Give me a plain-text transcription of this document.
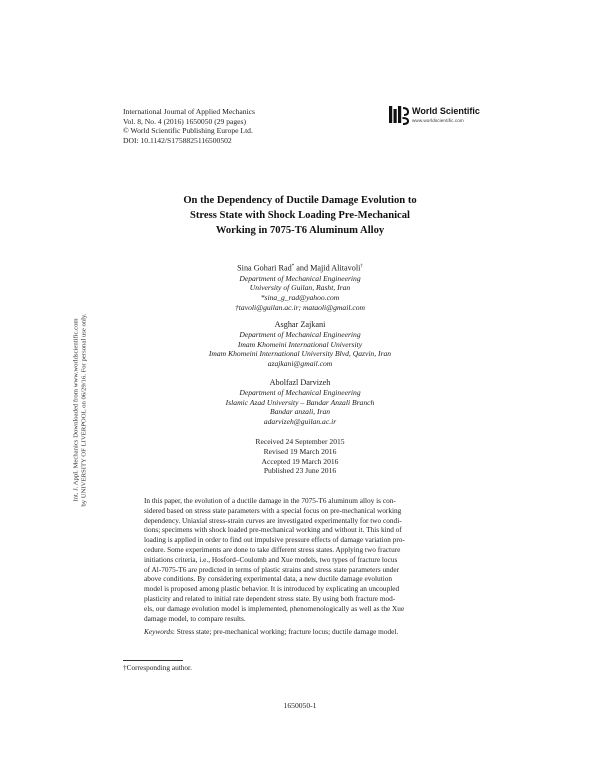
International Journal of Applied Mechanics
Vol. 8, No. 4 (2016) 1650050 (29 pages)
© World Scientific Publishing Europe Ltd.
DOI: 10.1142/S1758825116500502
World Scientific
www.worldscientific.com
On the Dependency of Ductile Damage Evolution to
Stress State with Shock Loading Pre-Mechanical
Working in 7075-T6 Aluminum Alloy
Sina Gohari Rad* and Majid Alitavoli†
Department of Mechanical Engineering
University of Guilan, Rasht, Iran
*sina_g_rad@yahoo.com
†tavoli@guilan.ac.ir; mataoli@gmail.com
Asghar Zajkani
Department of Mechanical Engineering
Imam Khomeini International University
Imam Khomeini International University Blvd, Qazvin, Iran
azajkani@gmail.com
Abolfazl Darvizeh
Department of Mechanical Engineering
Islamic Azad University – Bandar Anzali Branch
Bandar anzali, Iran
adarvizeh@guilan.ac.ir
Received 24 September 2015
Revised 19 March 2016
Accepted 19 March 2016
Published 23 June 2016
Int. J. Appl. Mechanics Downloaded from www.worldscientific.com by UNIVERSITY OF LIVERPOOL on 06/29/16. For personal use only.	In this paper, the evolution of a ductile damage in the 7075-T6 aluminum alloy is con-
sidered based on stress state parameters with a special focus on pre-mechanical working
dependency. Uniaxial stress-strain curves are investigated experimentally for two condi-
tions; specimens with shock loaded pre-mechanical working and without it. This kind of
loading is applied in order to find out impulsive pressure effects of damage variation pro-
cedure. Some experiments are done to take different stress states. Applying two fracture
initiations criteria, i.e., Hosford–Coulomb and Xue models, two types of fracture locus
of Al-7075-T6 are predicted in terms of plastic strains and stress state parameters under
above conditions. By considering experimental data, a new ductile damage evolution
model is proposed among plastic behavior. It is introduced by explicating an uncoupled
plasticity and related to initial rate dependent stress state. By using both fracture mod-
els, our damage evolution model is implemented, phenomenologically as well as the Xue
damage model, to compare results.
Keywords: Stress state; pre-mechanical working; fracture locus; ductile damage model.
†Corresponding author.
1650050-1
